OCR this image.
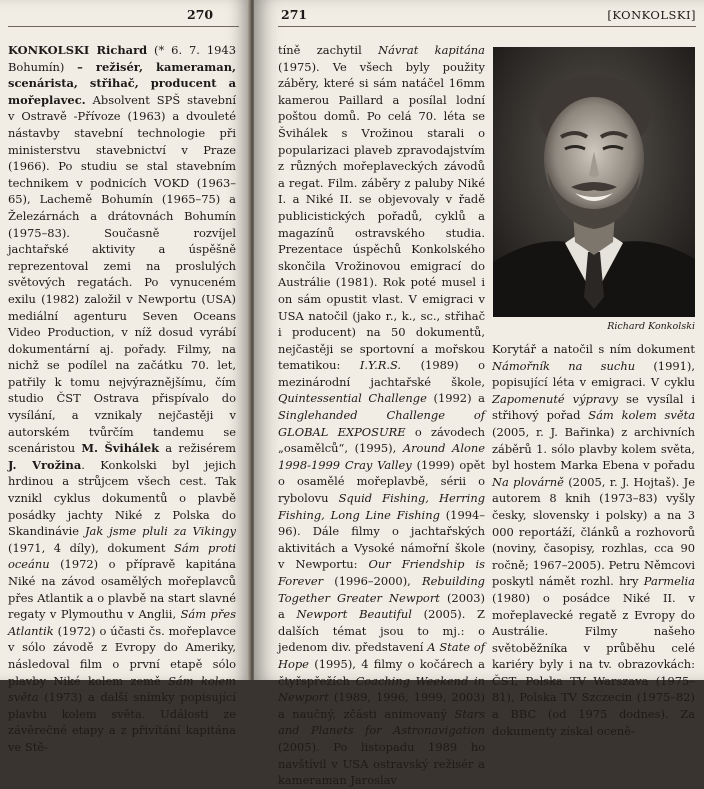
270

KONKOLSKI Richard (* 6. 7. 1943 Bohumín) – režisér, kameraman, scenárista, střihač, producent a mořeplavec. Absolvent SPŠ stavební v Ostravě -Přívoze (1963) a dvouleté nástavby stavební technologie při ministerstvu stavebnictví v Praze (1966). Po studiu se stal stavebním technikem v podnicích VOKD (1963–65), Lachemě Bohumín (1965–75) a Železárnách a drátovnách Bohumín (1975–83). Současně rozvíjel jachtařské aktivity a úspěšně reprezentoval zemi na proslulých světových regatách. Po vynuceném exilu (1982) založil v Newportu (USA) mediální agenturu Seven Oceans Video Production, v níž dosud vyrábí dokumentární aj. pořady. Filmy, na nichž se podílel na začátku 70. let, patřily k tomu nejvýraznějšímu, čím studio ČST Ostrava přispívalo do vysílání, a vznikaly nejčastěji v autorském tvůrčím tandemu se scenáristou M. Švihálek a režisérem J. Vrožina. Konkolski byl jejich hrdinou a strůjcem všech cest. Tak vznikl cyklus dokumentů o plavbě posádky jachty Niké z Polska do Skandinávie Jak jsme pluli za Vikingy (1971, 4 díly), dokument Sám proti oceánu (1972) o přípravě kapitána Niké na závod osamělých mořeplavců přes Atlantik a o plavbě na start slavné regaty v Plymouthu v Anglii, Sám přes Atlantik (1972) o účasti čs. mořeplavce v sólo závodě z Evropy do Ameriky, následoval film o první etapě sólo plavby Niké kolem země Sám kolem světa (1973) a další snímky popisující plavbu kolem světa. Události ze závěrečné etapy a z přivítání kapitána ve Stě-

271	[KONKOLSKI]

tíně zachytil Návrat kapitána (1975). Ve všech byly použity záběry, které si sám natáčel 16mm kamerou Paillard a posílal lodní poštou domů. Po celá 70. léta se Švihálek s Vrožinou starali o popularizaci plaveb zpravodajstvím z různých mořeplaveckých závodů a regat. Film. záběry z paluby Niké I. a Niké II. se objevovaly v řadě publicistických pořadů, cyklů a magazínů ostravského studia. Prezentace úspěchů Konkolského skončila Vrožinovou emigrací do Austrálie (1981). Rok poté musel i on sám opustit vlast. V emigraci v USA natočil (jako r., k., sc., střihač i producent) na 50 dokumentů, nejčastěji se sportovní a mořskou tematikou: I.Y.R.S. (1989) o mezinárodní jachtařské škole, Quintessential Challenge (1992) a Singlehanded Challenge of GLOBAL EXPOSURE o závodech „osamělců“, (1995), Around Alone 1998-1999 Cray Valley (1999) opět o osamělé mořeplavbě, sérii o rybolovu Squid Fishing, Herring Fishing, Long Line Fishing (1994–96). Dále filmy o jachtařských aktivitách a Vysoké námořní škole v Newportu: Our Friendship is Forever (1996–2000), Rebuilding Together Greater Newport (2003) a Newport Beautiful (2005). Z dalších témat jsou to mj.: o jedenom div. představení A State of Hope (1995), 4 filmy o kočárech a čtyřspřežích Coaching Weekend in Newport (1989, 1996, 1999, 2003) a naučný, zčásti animovaný Stars and Planets for Astronavigation (2005). Po listopadu 1989 ho navštívil v USA ostravský režisér a kameraman Jaroslav

Richard Konkolski

Korytář a natočil s ním dokument Námořník na suchu (1991), popisující léta v emigraci. V cyklu Zapomenuté výpravy se vysílal i střihový pořad Sám kolem světa (2005, r. J. Bařinka) z archivních záběrů 1. sólo plavby kolem světa, byl hostem Marka Ebena v pořadu Na plovárně (2005, r. J. Hojtaš). Je autorem 8 knih (1973–83) vyšly česky, slovensky i polsky) a na 3 000 reportáží, článků a rozhovorů (noviny, časopisy, rozhlas, cca 90 ročně; 1967–2005). Petru Němcovi poskytl námět rozhl. hry Parmelia (1980) o posádce Niké II. v mořeplavecké regatě z Evropy do Austrálie. Filmy našeho světoběžníka v průběhu celé kariéry byly i na tv. obrazovkách: ČST, Polska TV Warszava (1975–81), Polska TV Szczecin (1975–82) a BBC (od 1975 dodnes). Za dokumenty získal oceně-
